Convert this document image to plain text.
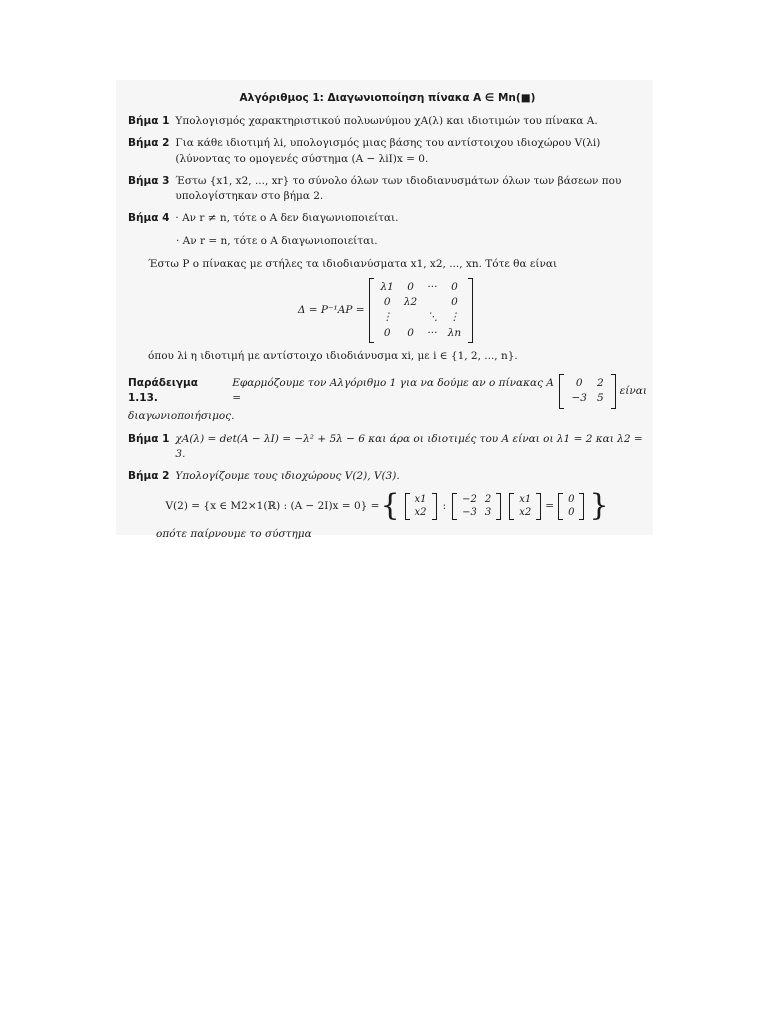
Αλγόριθμος 1: Διαγωνιοποίηση πίνακα A ∈ Mn(■)
Βήμα 1 Υπολογισμός χαρακτηριστικού πολυωνύμου χA(λ) και ιδιοτιμών του πίνακα A.
Βήμα 2 Για κάθε ιδιοτιμή λi, υπολογισμός μιας βάσης του αντίστοιχου ιδιοχώρου V(λi) (λύνοντας το ομογενές σύστημα (A − λiI)x = 0.
Βήμα 3 Έστω {x1, x2, ..., xr} το σύνολο όλων των ιδιοδιανυσμάτων όλων των βάσεων που υπολογίστηκαν στο βήμα 2.
Βήμα 4 · Αν r ≠ n, τότε ο A δεν διαγωνιοποιείται.
· Αν r = n, τότε ο A διαγωνιοποιείται.
Έστω P ο πίνακας με στήλες τα ιδιοδιανύσματα x1, x2, ..., xn. Τότε θα είναι
Δ = P⁻¹AP =
λ1	0	···	0
0	λ2		0
⋮		⋱	⋮
0	0	···	λn
όπου λi η ιδιοτιμή με αντίστοιχο ιδιοδιάνυσμα xi, με i ∈ {1, 2, ..., n}.
Παράδειγμα 1.13.
Εφαρμόζουμε τον Αλγόριθμο 1 για να δούμε αν ο πίνακας A =
0	2
−3	5
είναι
διαγωνιοποιήσιμος.
Βήμα 1 χA(λ) = det(A − λI) = −λ² + 5λ − 6 και άρα οι ιδιοτιμές του A είναι οι λ1 = 2 και λ2 = 3.
Βήμα 2 Υπολογίζουμε τους ιδιοχώρους V(2), V(3).
V(2) = {x ∈ M2×1(ℝ) : (A − 2I)x = 0} = { x1
x2
:
−2	2
−3	3
x1
x2
=
0
0 }
οπότε παίρνουμε το σύστημα
